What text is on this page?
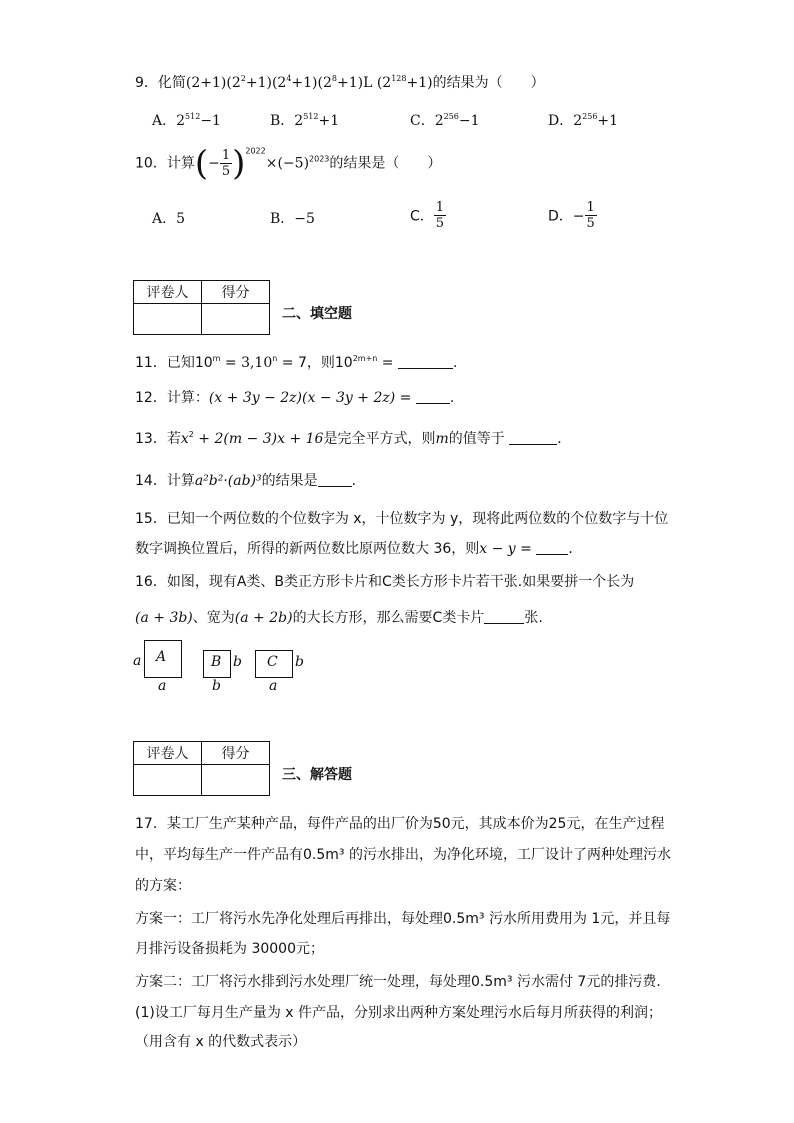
9．化简$(2+1)(2^2+1)(2^4+1)(2^8+1)L$ $(2^{128}+1)$的结果为（　　）
A．$2^{512}-1$	B．$2^{512}+1$	C．$2^{256}-1$	D．$2^{256}+1$
10．计算(− $\frac{1}{5} )^{2022}\times(-5)^{2023}$的结果是（　　）
A．5	B．−5	C． $\frac{1}{5}$	D．− $\frac{1}{5}$
评卷人	得分

二、填空题
11．已知$10^m = 3,10^n = 7$，则$10^{2m+n}$ =	.
12．计算：(x + 3y − 2z)(x − 3y + 2z) = .
13．若$x^2 + 2(m - 3)x + 16$是完全平方式，则m的值等于	.
14．计算a²b²·(ab)³的结果是 .
15．已知一个两位数的个位数字为 x，十位数字为 y，现将此两位数的个位数字与十位
数字调换位置后，所得的新两位数比原两位数大 36，则x − y = .
16．如图，现有A类、B类正方形卡片和C类长方形卡片若干张.如果要拼一个长为
(a + 3b)、宽为(a + 2b)的大长方形，那么需要C类卡片	张.
A
a
a
B b
b
C b
a
评卷人	得分

三、解答题
17．某工厂生产某种产品，每件产品的出厂价为50元，其成本价为25元，在生产过程
中，平均每生产一件产品有0.5m³ 的污水排出，为净化环境，工厂设计了两种处理污水
的方案：
方案一：工厂将污水先净化处理后再排出，每处理0.5m³ 污水所用费用为 1元，并且每
月排污设备损耗为 30000元；
方案二：工厂将污水排到污水处理厂统一处理，每处理0.5m³ 污水需付 7元的排污费．
(1)设工厂每月生产量为 x 件产品，分别求出两种方案处理污水后每月所获得的利润；
（用含有 x 的代数式表示）
